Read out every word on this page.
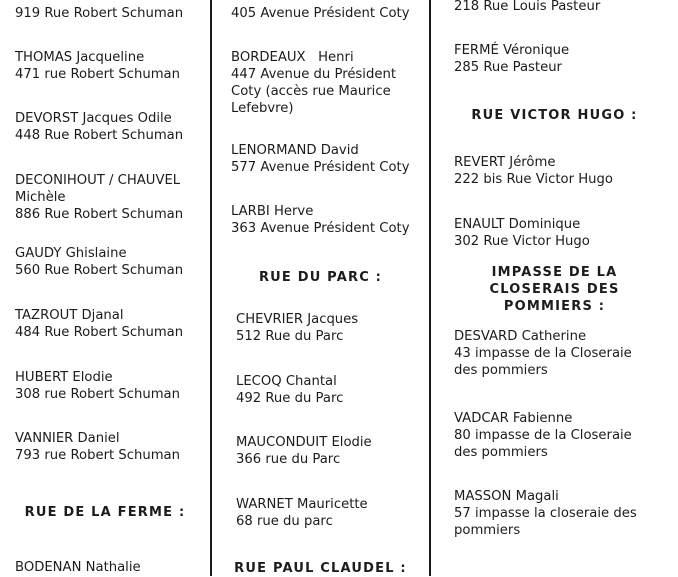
919 Rue Robert Schuman
THOMAS Jacqueline
471 rue Robert Schuman
DEVORST Jacques Odile
448 Rue Robert Schuman
DECONIHOUT / CHAUVEL
Michèle
886 Rue Robert Schuman
GAUDY Ghislaine
560 Rue Robert Schuman
TAZROUT Djanal
484 Rue Robert Schuman
HUBERT Elodie
308 rue Robert Schuman
VANNIER Daniel
793 rue Robert Schuman
RUE DE LA FERME :
BODENAN Nathalie
405 Avenue Président Coty
BORDEAUX   Henri
447 Avenue du Président
Coty (accès rue Maurice
Lefebvre)
LENORMAND David
577 Avenue Président Coty
LARBI Herve
363 Avenue Président Coty
RUE DU PARC :
CHEVRIER Jacques
512 Rue du Parc
LECOQ Chantal
492 Rue du Parc
MAUCONDUIT Elodie
366 rue du Parc
WARNET Mauricette
68 rue du parc
RUE PAUL CLAUDEL :
218 Rue Louis Pasteur
FERMÉ Véronique
285 Rue Pasteur
RUE VICTOR HUGO :
REVERT Jérôme
222 bis Rue Victor Hugo
ENAULT Dominique
302 Rue Victor Hugo
IMPASSE DE LA
CLOSERAIS DES
POMMIERS :
DESVARD Catherine
43 impasse de la Closeraie
des pommiers
VADCAR Fabienne
80 impasse de la Closeraie
des pommiers
MASSON Magali
57 impasse la closeraie des
pommiers
